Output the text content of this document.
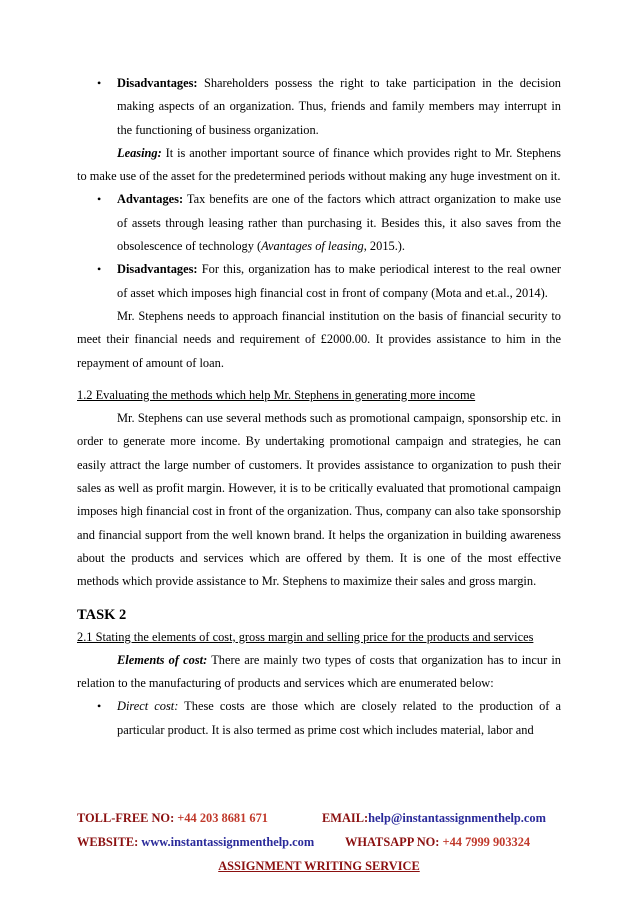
• Disadvantages: Shareholders possess the right to take participation in the decision making aspects of an organization. Thus, friends and family members may interrupt in the functioning of business organization.

Leasing: It is another important source of finance which provides right to Mr. Stephens to make use of the asset for the predetermined periods without making any huge investment on it.

• Advantages: Tax benefits are one of the factors which attract organization to make use of assets through leasing rather than purchasing it. Besides this, it also saves from the obsolescence of technology (Avantages of leasing, 2015.).
• Disadvantages: For this, organization has to make periodical interest to the real owner of asset which imposes high financial cost in front of company (Mota and et.al., 2014).

Mr. Stephens needs to approach financial institution on the basis of financial security to meet their financial needs and requirement of £2000.00. It provides assistance to him in the repayment of amount of loan.

1.2 Evaluating the methods which help Mr. Stephens in generating more income

Mr. Stephens can use several methods such as promotional campaign, sponsorship etc. in order to generate more income. By undertaking promotional campaign and strategies, he can easily attract the large number of customers. It provides assistance to organization to push their sales as well as profit margin. However, it is to be critically evaluated that promotional campaign imposes high financial cost in front of the organization. Thus, company can also take sponsorship and financial support from the well known brand. It helps the organization in building awareness about the products and services which are offered by them. It is one of the most effective methods which provide assistance to Mr. Stephens to maximize their sales and gross margin.

TASK 2

2.1 Stating the elements of cost, gross margin and selling price for the products and services

Elements of cost: There are mainly two types of costs that organization has to incur in relation to the manufacturing of products and services which are enumerated below:

• Direct cost: These costs are those which are closely related to the production of a particular product. It is also termed as prime cost which includes material, labor and
TOLL-FREE NO: +44 203 8681 671	EMAIL:help@instantassignmenthelp.com
WEBSITE: www.instantassignmenthelp.com WHATSAPP NO: +44 7999 903324
ASSIGNMENT WRITING SERVICE
